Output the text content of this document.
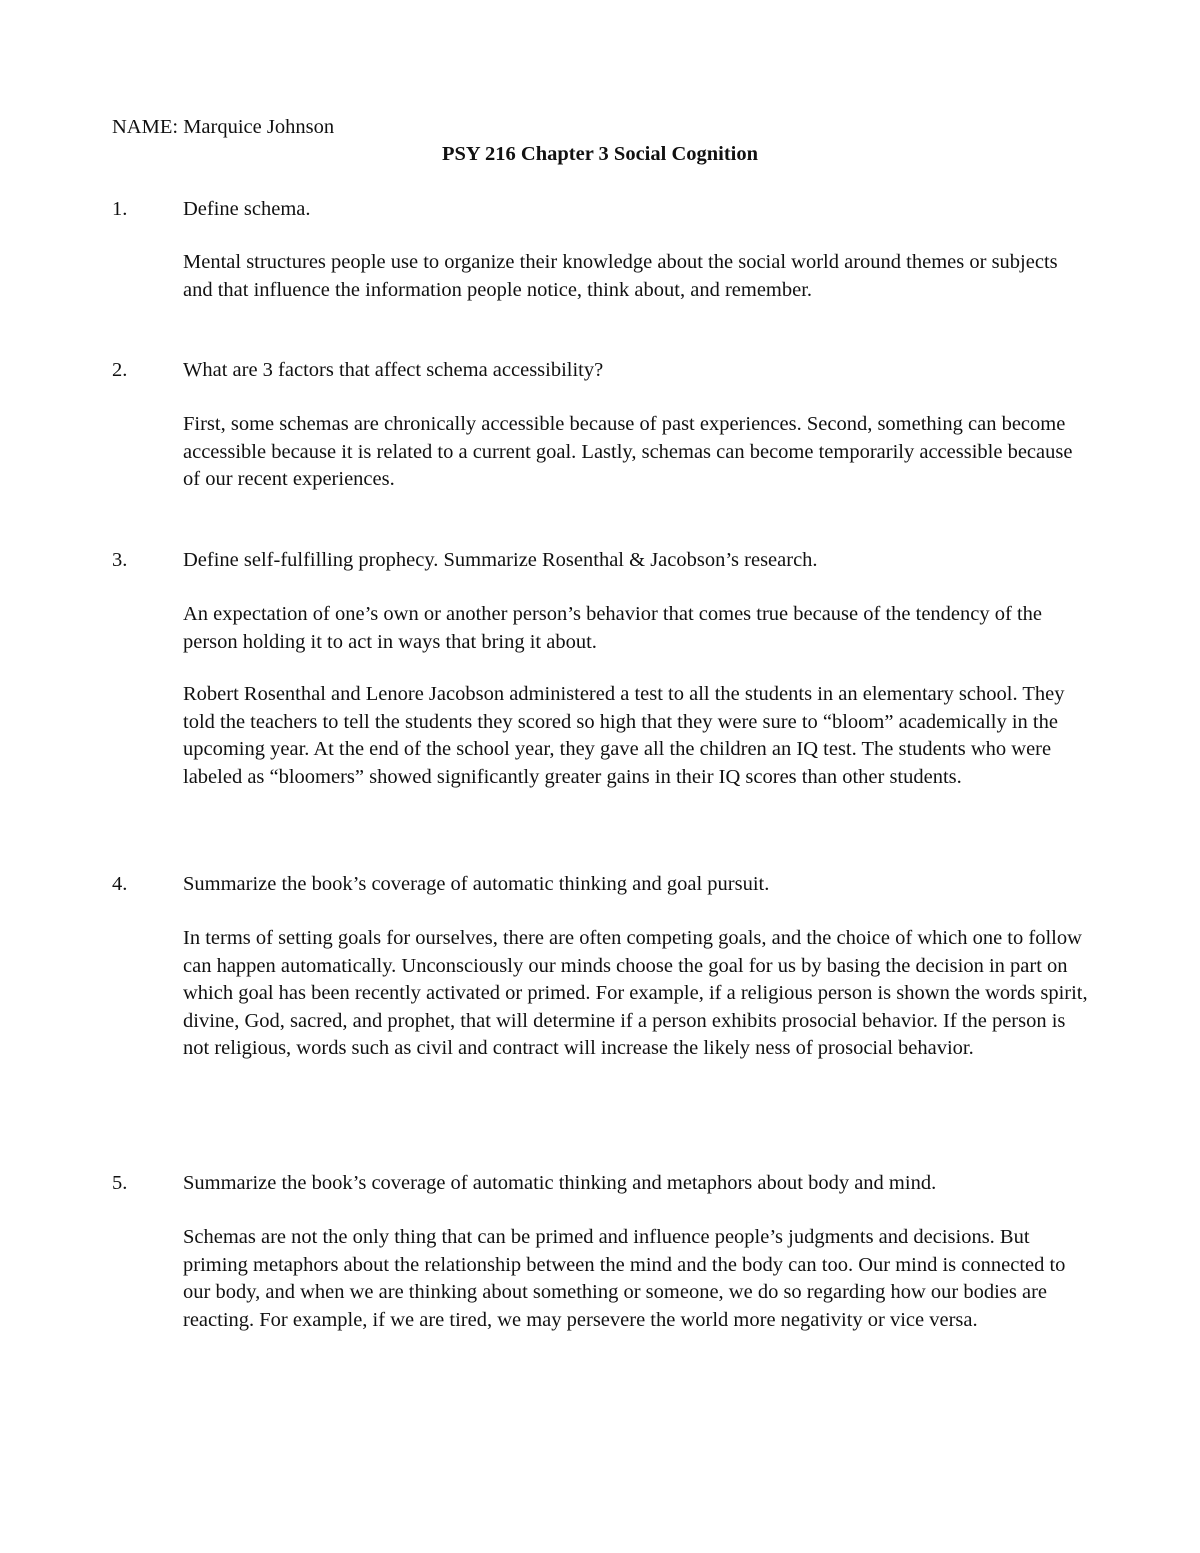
NAME: Marquice Johnson
PSY 216 Chapter 3 Social Cognition
1.	Define schema.
Mental structures people use to organize their knowledge about the social world around themes or subjects and that influence the information people notice, think about, and remember.
2.	What are 3 factors that affect schema accessibility?
First, some schemas are chronically accessible because of past experiences. Second, something can become accessible because it is related to a current goal. Lastly, schemas can become temporarily accessible because of our recent experiences.
3.	Define self-fulfilling prophecy. Summarize Rosenthal & Jacobson’s research.
An expectation of one’s own or another person’s behavior that comes true because of the tendency of the person holding it to act in ways that bring it about.
Robert Rosenthal and Lenore Jacobson administered a test to all the students in an elementary school. They told the teachers to tell the students they scored so high that they were sure to “bloom” academically in the upcoming year. At the end of the school year, they gave all the children an IQ test. The students who were labeled as “bloomers” showed significantly greater gains in their IQ scores than other students.
4.	Summarize the book’s coverage of automatic thinking and goal pursuit.
In terms of setting goals for ourselves, there are often competing goals, and the choice of which one to follow can happen automatically. Unconsciously our minds choose the goal for us by basing the decision in part on which goal has been recently activated or primed. For example, if a religious person is shown the words spirit, divine, God, sacred, and prophet, that will determine if a person exhibits prosocial behavior. If the person is not religious, words such as civil and contract will increase the likely ness of prosocial behavior.
5.	Summarize the book’s coverage of automatic thinking and metaphors about body and mind.
Schemas are not the only thing that can be primed and influence people’s judgments and decisions. But priming metaphors about the relationship between the mind and the body can too. Our mind is connected to our body, and when we are thinking about something or someone, we do so regarding how our bodies are reacting. For example, if we are tired, we may persevere the world more negativity or vice versa.
